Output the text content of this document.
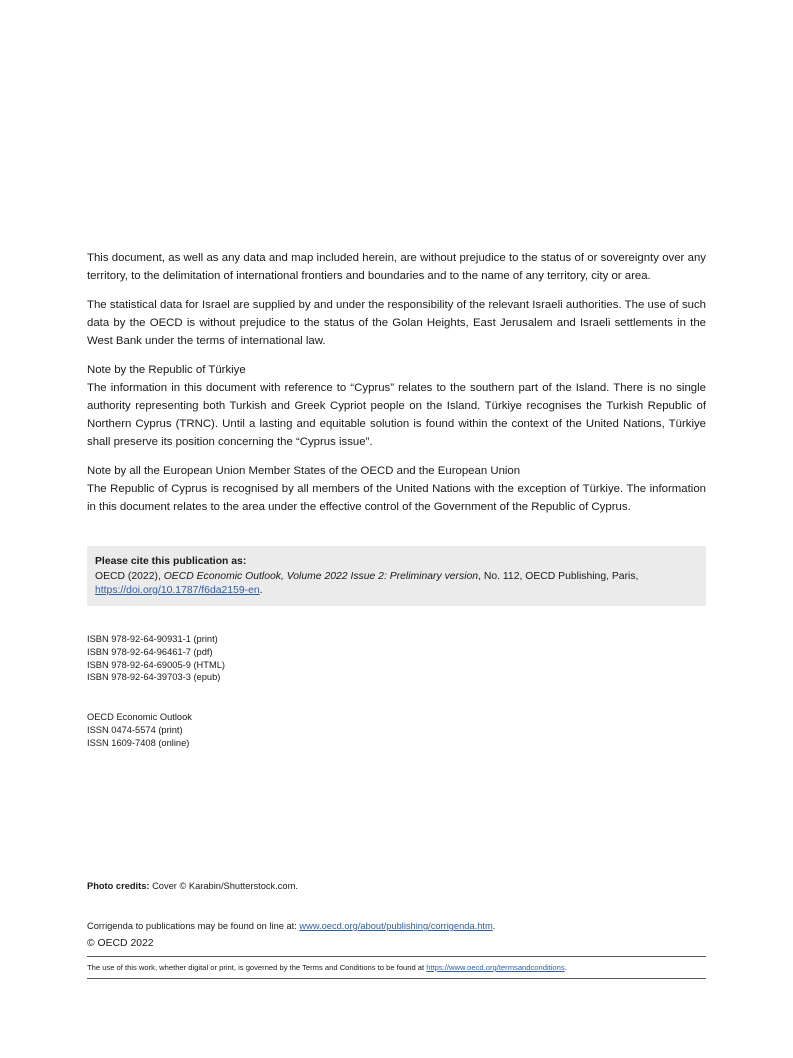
This document, as well as any data and map included herein, are without prejudice to the status of or sovereignty over any territory, to the delimitation of international frontiers and boundaries and to the name of any territory, city or area.

The statistical data for Israel are supplied by and under the responsibility of the relevant Israeli authorities. The use of such data by the OECD is without prejudice to the status of the Golan Heights, East Jerusalem and Israeli settlements in the West Bank under the terms of international law.

Note by the Republic of Türkiye
The information in this document with reference to “Cyprus” relates to the southern part of the Island. There is no single authority representing both Turkish and Greek Cypriot people on the Island. Türkiye recognises the Turkish Republic of Northern Cyprus (TRNC). Until a lasting and equitable solution is found within the context of the United Nations, Türkiye shall preserve its position concerning the “Cyprus issue”.

Note by all the European Union Member States of the OECD and the European Union
The Republic of Cyprus is recognised by all members of the United Nations with the exception of Türkiye. The information in this document relates to the area under the effective control of the Government of the Republic of Cyprus.

Please cite this publication as:
OECD (2022), OECD Economic Outlook, Volume 2022 Issue 2: Preliminary version, No. 112, OECD Publishing, Paris,
https://doi.org/10.1787/f6da2159-en.
ISBN 978-92-64-90931-1 (print)
ISBN 978-92-64-96461-7 (pdf)
ISBN 978-92-64-69005-9 (HTML)
ISBN 978-92-64-39703-3 (epub)
OECD Economic Outlook
ISSN 0474-5574 (print)
ISSN 1609-7408 (online)
Photo credits: Cover © Karabin/Shutterstock.com.
Corrigenda to publications may be found on line at: www.oecd.org/about/publishing/corrigenda.htm.
© OECD 2022
The use of this work, whether digital or print, is governed by the Terms and Conditions to be found at https://www.oecd.org/termsandconditions.
